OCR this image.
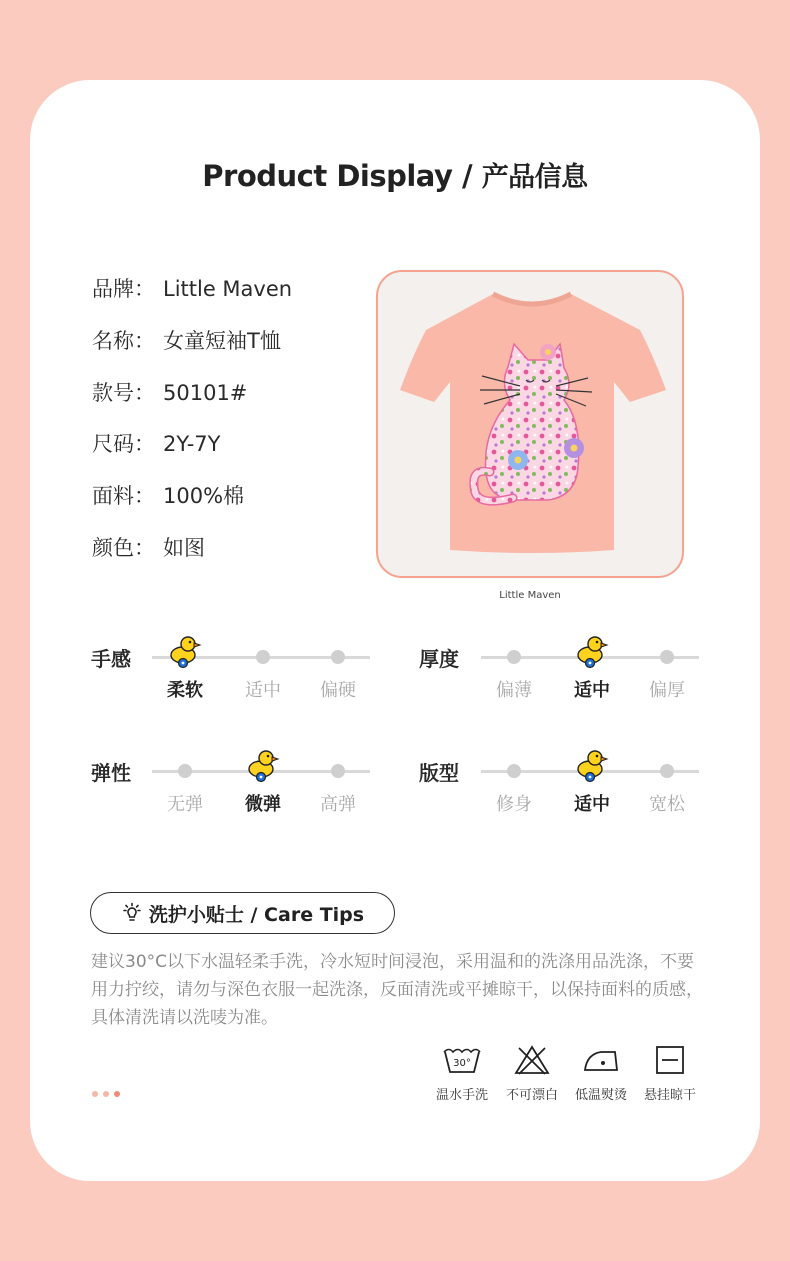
Product Display / 产品信息
品牌： Little Maven
名称： 女童短袖T恤
款号： 50101#
尺码： 2Y-7Y
面料： 100%棉
颜色： 如图
Little Maven
手感
柔软	适中	偏硬
厚度
偏薄	适中	偏厚
弹性
无弹	微弹	高弹
版型
修身	适中	宽松
洗护小贴士 / Care Tips
建议30°C以下水温轻柔手洗，冷水短时间浸泡，采用温和的洗涤用品洗涤，不要用力拧绞，请勿与深色衣服一起洗涤，反面清洗或平摊晾干，以保持面料的质感，具体清洗请以洗唛为准。
30°
温水手洗	不可漂白	低温熨烫	悬挂晾干
